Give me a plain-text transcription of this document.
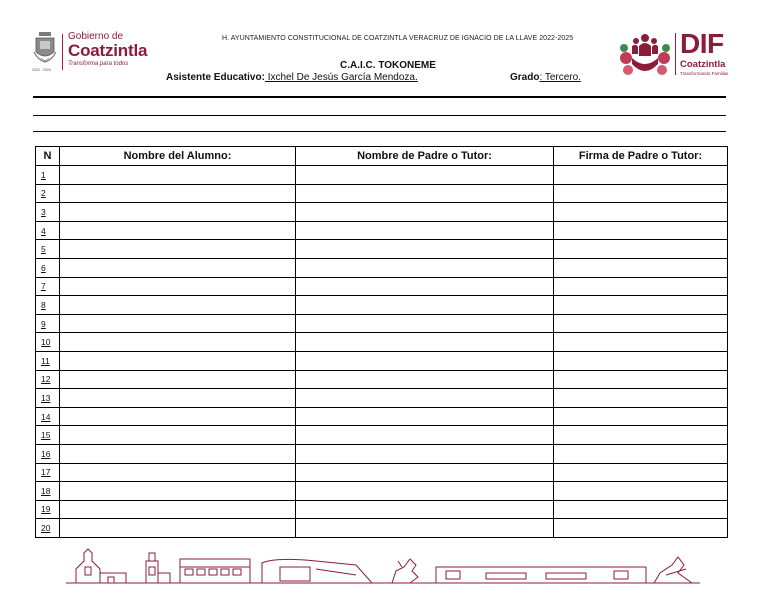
2022 · 2025
Gobierno de
Coatzintla
Transforma para todos
H. AYUNTAMIENTO CONSTITUCIONAL DE COATZINTLA VERACRUZ DE IGNACIO DE LA LLAVE 2022-2025
C.A.I.C. TOKONEME
Asistente Educativo: Ixchel De Jesús García Mendoza.	Grado: Tercero.
DIF
Coatzintla
Transformando Familias
N	Nombre del Alumno:	Nombre de Padre o Tutor:	Firma de Padre o Tutor:
1			
2			
3			
4			
5			
6			
7			
8			
9			
10			
11			
12			
13			
14			
15			
16			
17			
18			
19			
20			
